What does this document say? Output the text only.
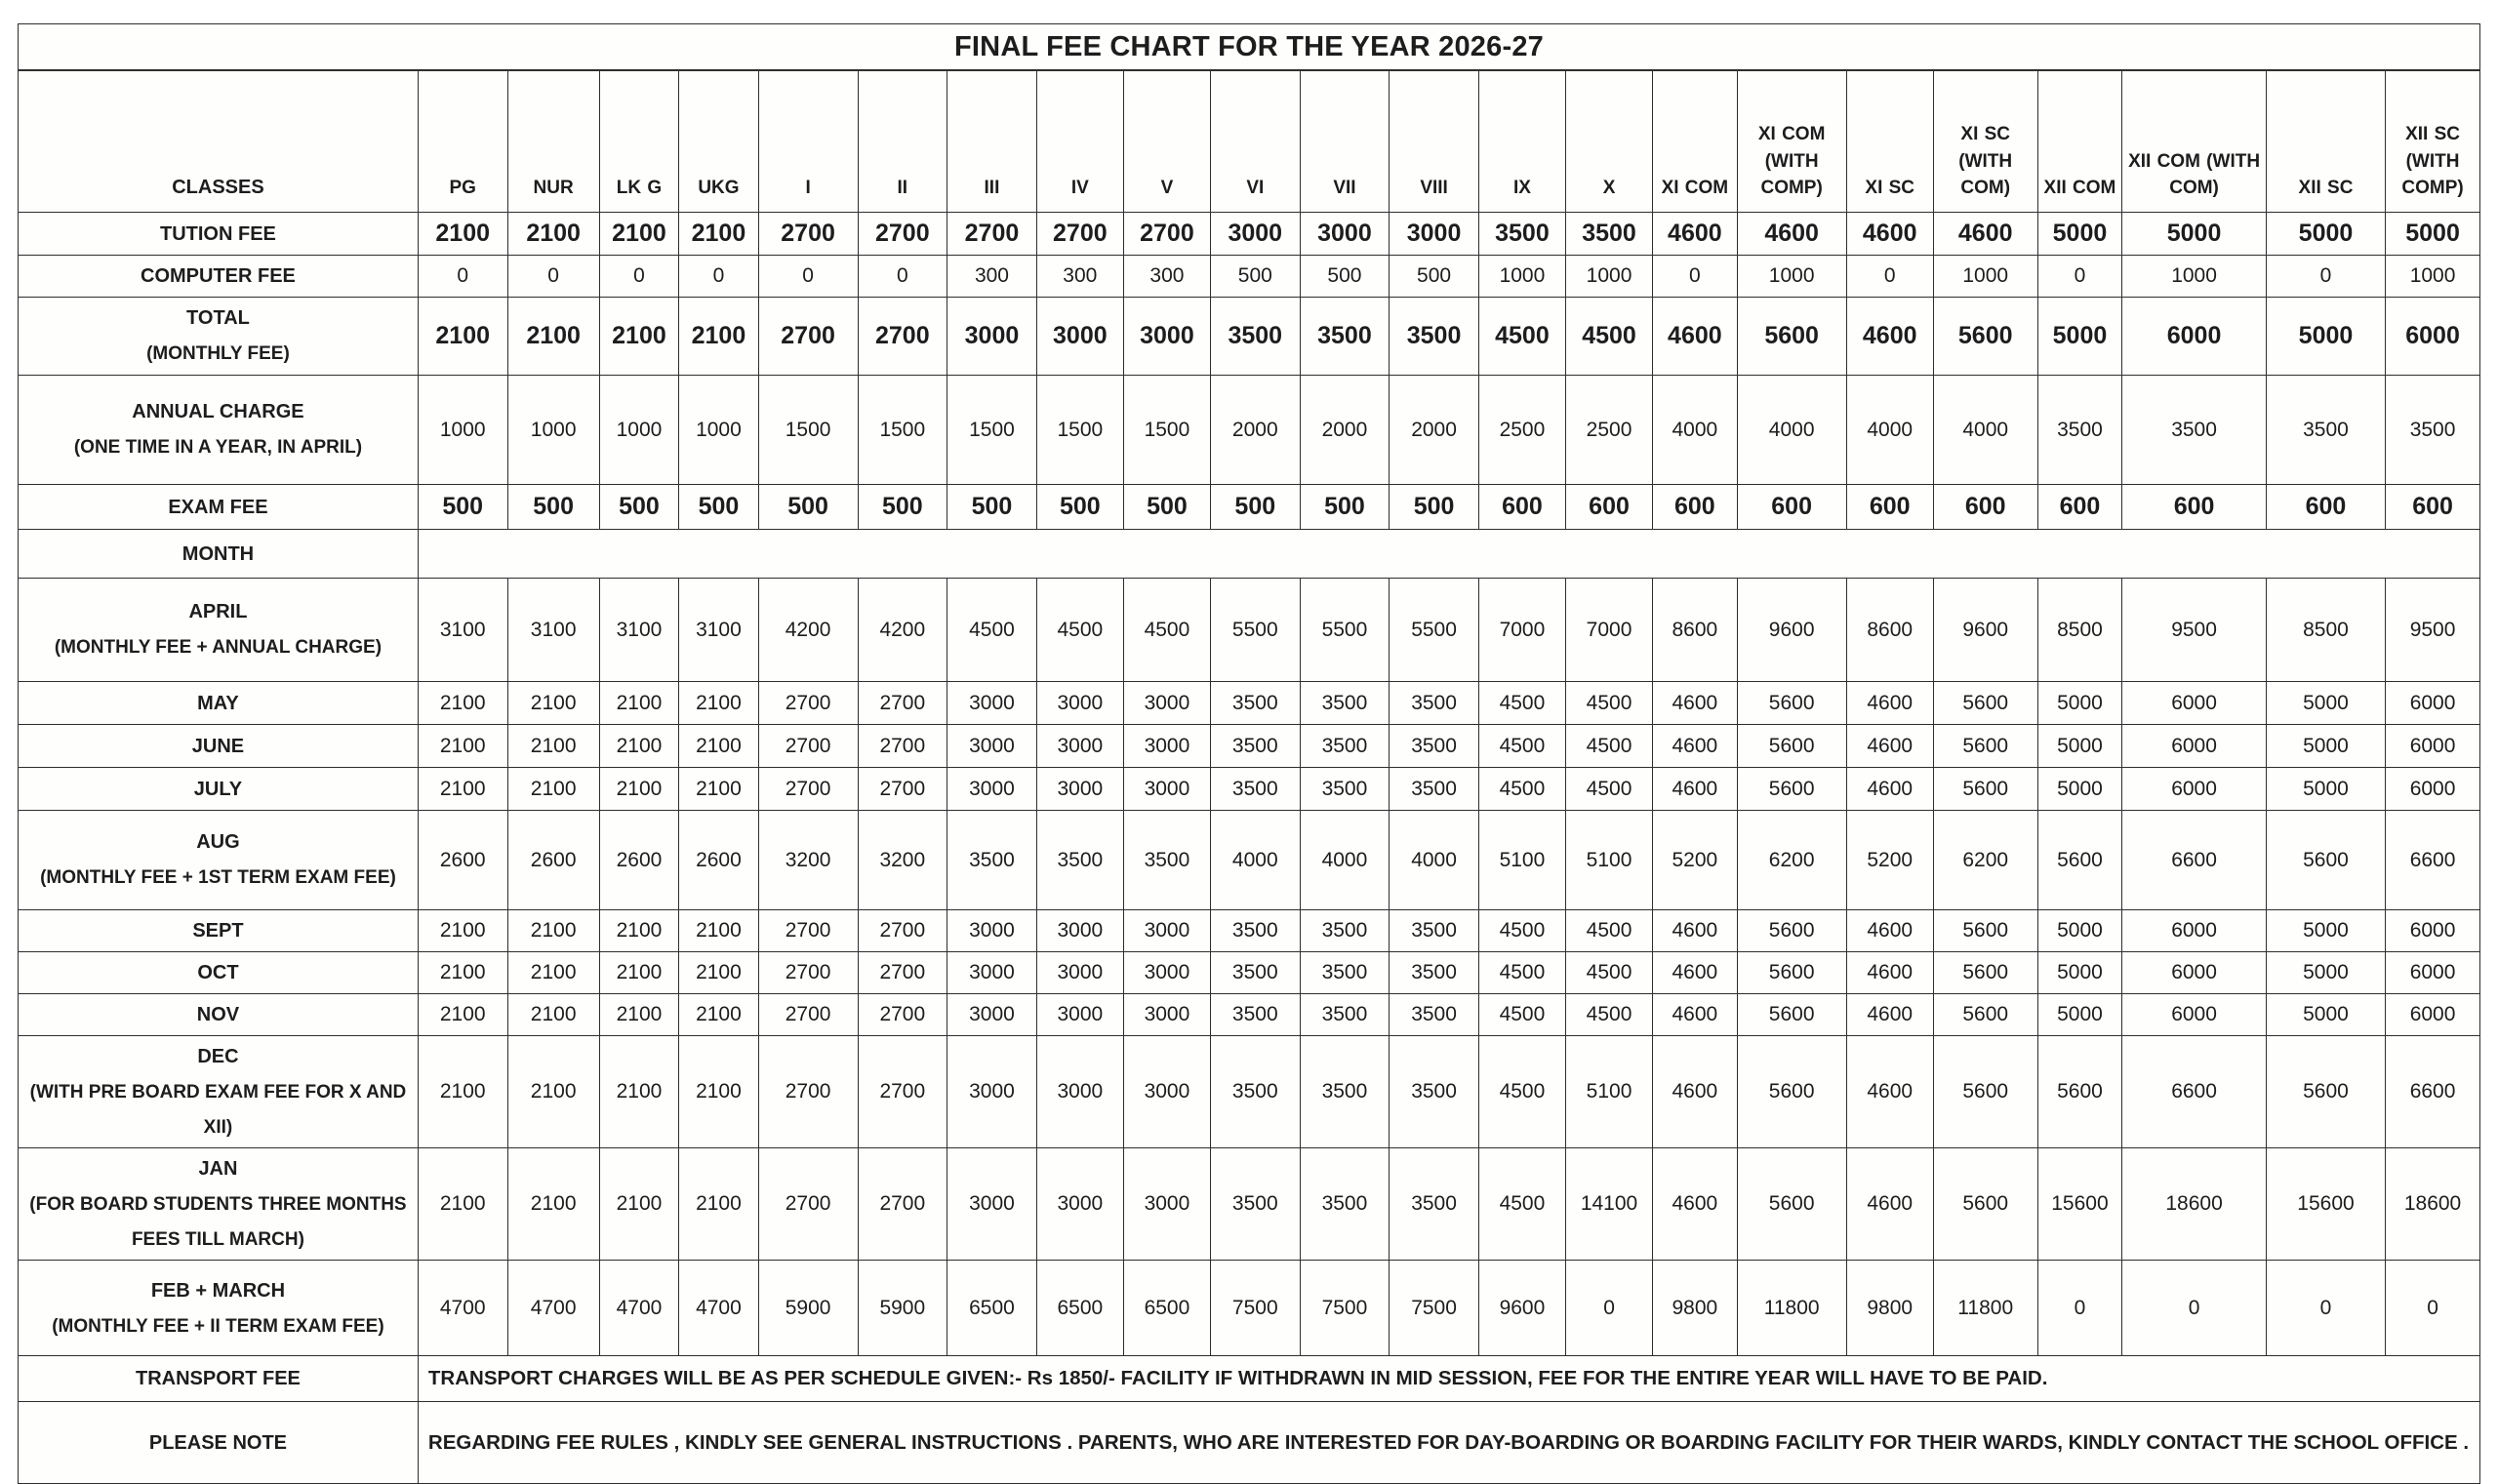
FINAL FEE CHART FOR THE YEAR 2026-27																						
CLASSES	PG	NUR	LK G	UKG	I	II	III	IV	V	VI	VII	VIII	IX	X	XI COM	XI COM (WITH COMP)	XI SC	XI SC (WITH COM)	XII COM	XII COM (WITH COM)	XII SC	XII SC (WITH COMP)

TUTION FEE	2100	2100	2100	2100	2700	2700	2700	2700	2700	3000	3000	3000	3500	3500	4600	4600	4600	4600	5000	5000	5000	5000

COMPUTER FEE	0	0	0	0	0	0	300	300	300	500	500	500	1000	1000	0	1000	0	1000	0	1000	0	1000

TOTAL
(MONTHLY FEE)	2100	2100	2100	2100	2700	2700	3000	3000	3000	3500	3500	3500	4500	4500	4600	5600	4600	5600	5000	6000	5000	6000

ANNUAL CHARGE
(ONE TIME IN A YEAR, IN APRIL)	1000	1000	1000	1000	1500	1500	1500	1500	1500	2000	2000	2000	2500	2500	4000	4000	4000	4000	3500	3500	3500	3500

EXAM FEE	500	500	500	500	500	500	500	500	500	500	500	500	600	600	600	600	600	600	600	600	600	600

MONTH																						

APRIL
(MONTHLY FEE + ANNUAL CHARGE)	3100	3100	3100	3100	4200	4200	4500	4500	4500	5500	5500	5500	7000	7000	8600	9600	8600	9600	8500	9500	8500	9500

MAY	2100	2100	2100	2100	2700	2700	3000	3000	3000	3500	3500	3500	4500	4500	4600	5600	4600	5600	5000	6000	5000	6000

JUNE	2100	2100	2100	2100	2700	2700	3000	3000	3000	3500	3500	3500	4500	4500	4600	5600	4600	5600	5000	6000	5000	6000

JULY	2100	2100	2100	2100	2700	2700	3000	3000	3000	3500	3500	3500	4500	4500	4600	5600	4600	5600	5000	6000	5000	6000

AUG
(MONTHLY FEE + 1ST TERM EXAM FEE)	2600	2600	2600	2600	3200	3200	3500	3500	3500	4000	4000	4000	5100	5100	5200	6200	5200	6200	5600	6600	5600	6600

SEPT	2100	2100	2100	2100	2700	2700	3000	3000	3000	3500	3500	3500	4500	4500	4600	5600	4600	5600	5000	6000	5000	6000

OCT	2100	2100	2100	2100	2700	2700	3000	3000	3000	3500	3500	3500	4500	4500	4600	5600	4600	5600	5000	6000	5000	6000

NOV	2100	2100	2100	2100	2700	2700	3000	3000	3000	3500	3500	3500	4500	4500	4600	5600	4600	5600	5000	6000	5000	6000

DEC
(WITH PRE BOARD EXAM FEE FOR X AND XII)	2100	2100	2100	2100	2700	2700	3000	3000	3000	3500	3500	3500	4500	5100	4600	5600	4600	5600	5600	6600	5600	6600

JAN
(FOR BOARD STUDENTS THREE MONTHS FEES TILL MARCH)	2100	2100	2100	2100	2700	2700	3000	3000	3000	3500	3500	3500	4500	14100	4600	5600	4600	5600	15600	18600	15600	18600

FEB + MARCH
(MONTHLY FEE + II TERM EXAM FEE)	4700	4700	4700	4700	5900	5900	6500	6500	6500	7500	7500	7500	9600	0	9800	11800	9800	11800	0	0	0	0
TRANSPORT FEE	TRANSPORT CHARGES WILL BE AS PER SCHEDULE GIVEN:- Rs 1850/- FACILITY IF WITHDRAWN IN MID SESSION, FEE FOR THE ENTIRE YEAR WILL HAVE TO BE PAID.																					
PLEASE NOTE	REGARDING FEE RULES , KINDLY SEE GENERAL INSTRUCTIONS . PARENTS, WHO ARE INTERESTED FOR DAY-BOARDING OR BOARDING FACILITY FOR THEIR WARDS, KINDLY CONTACT THE SCHOOL OFFICE .																					
